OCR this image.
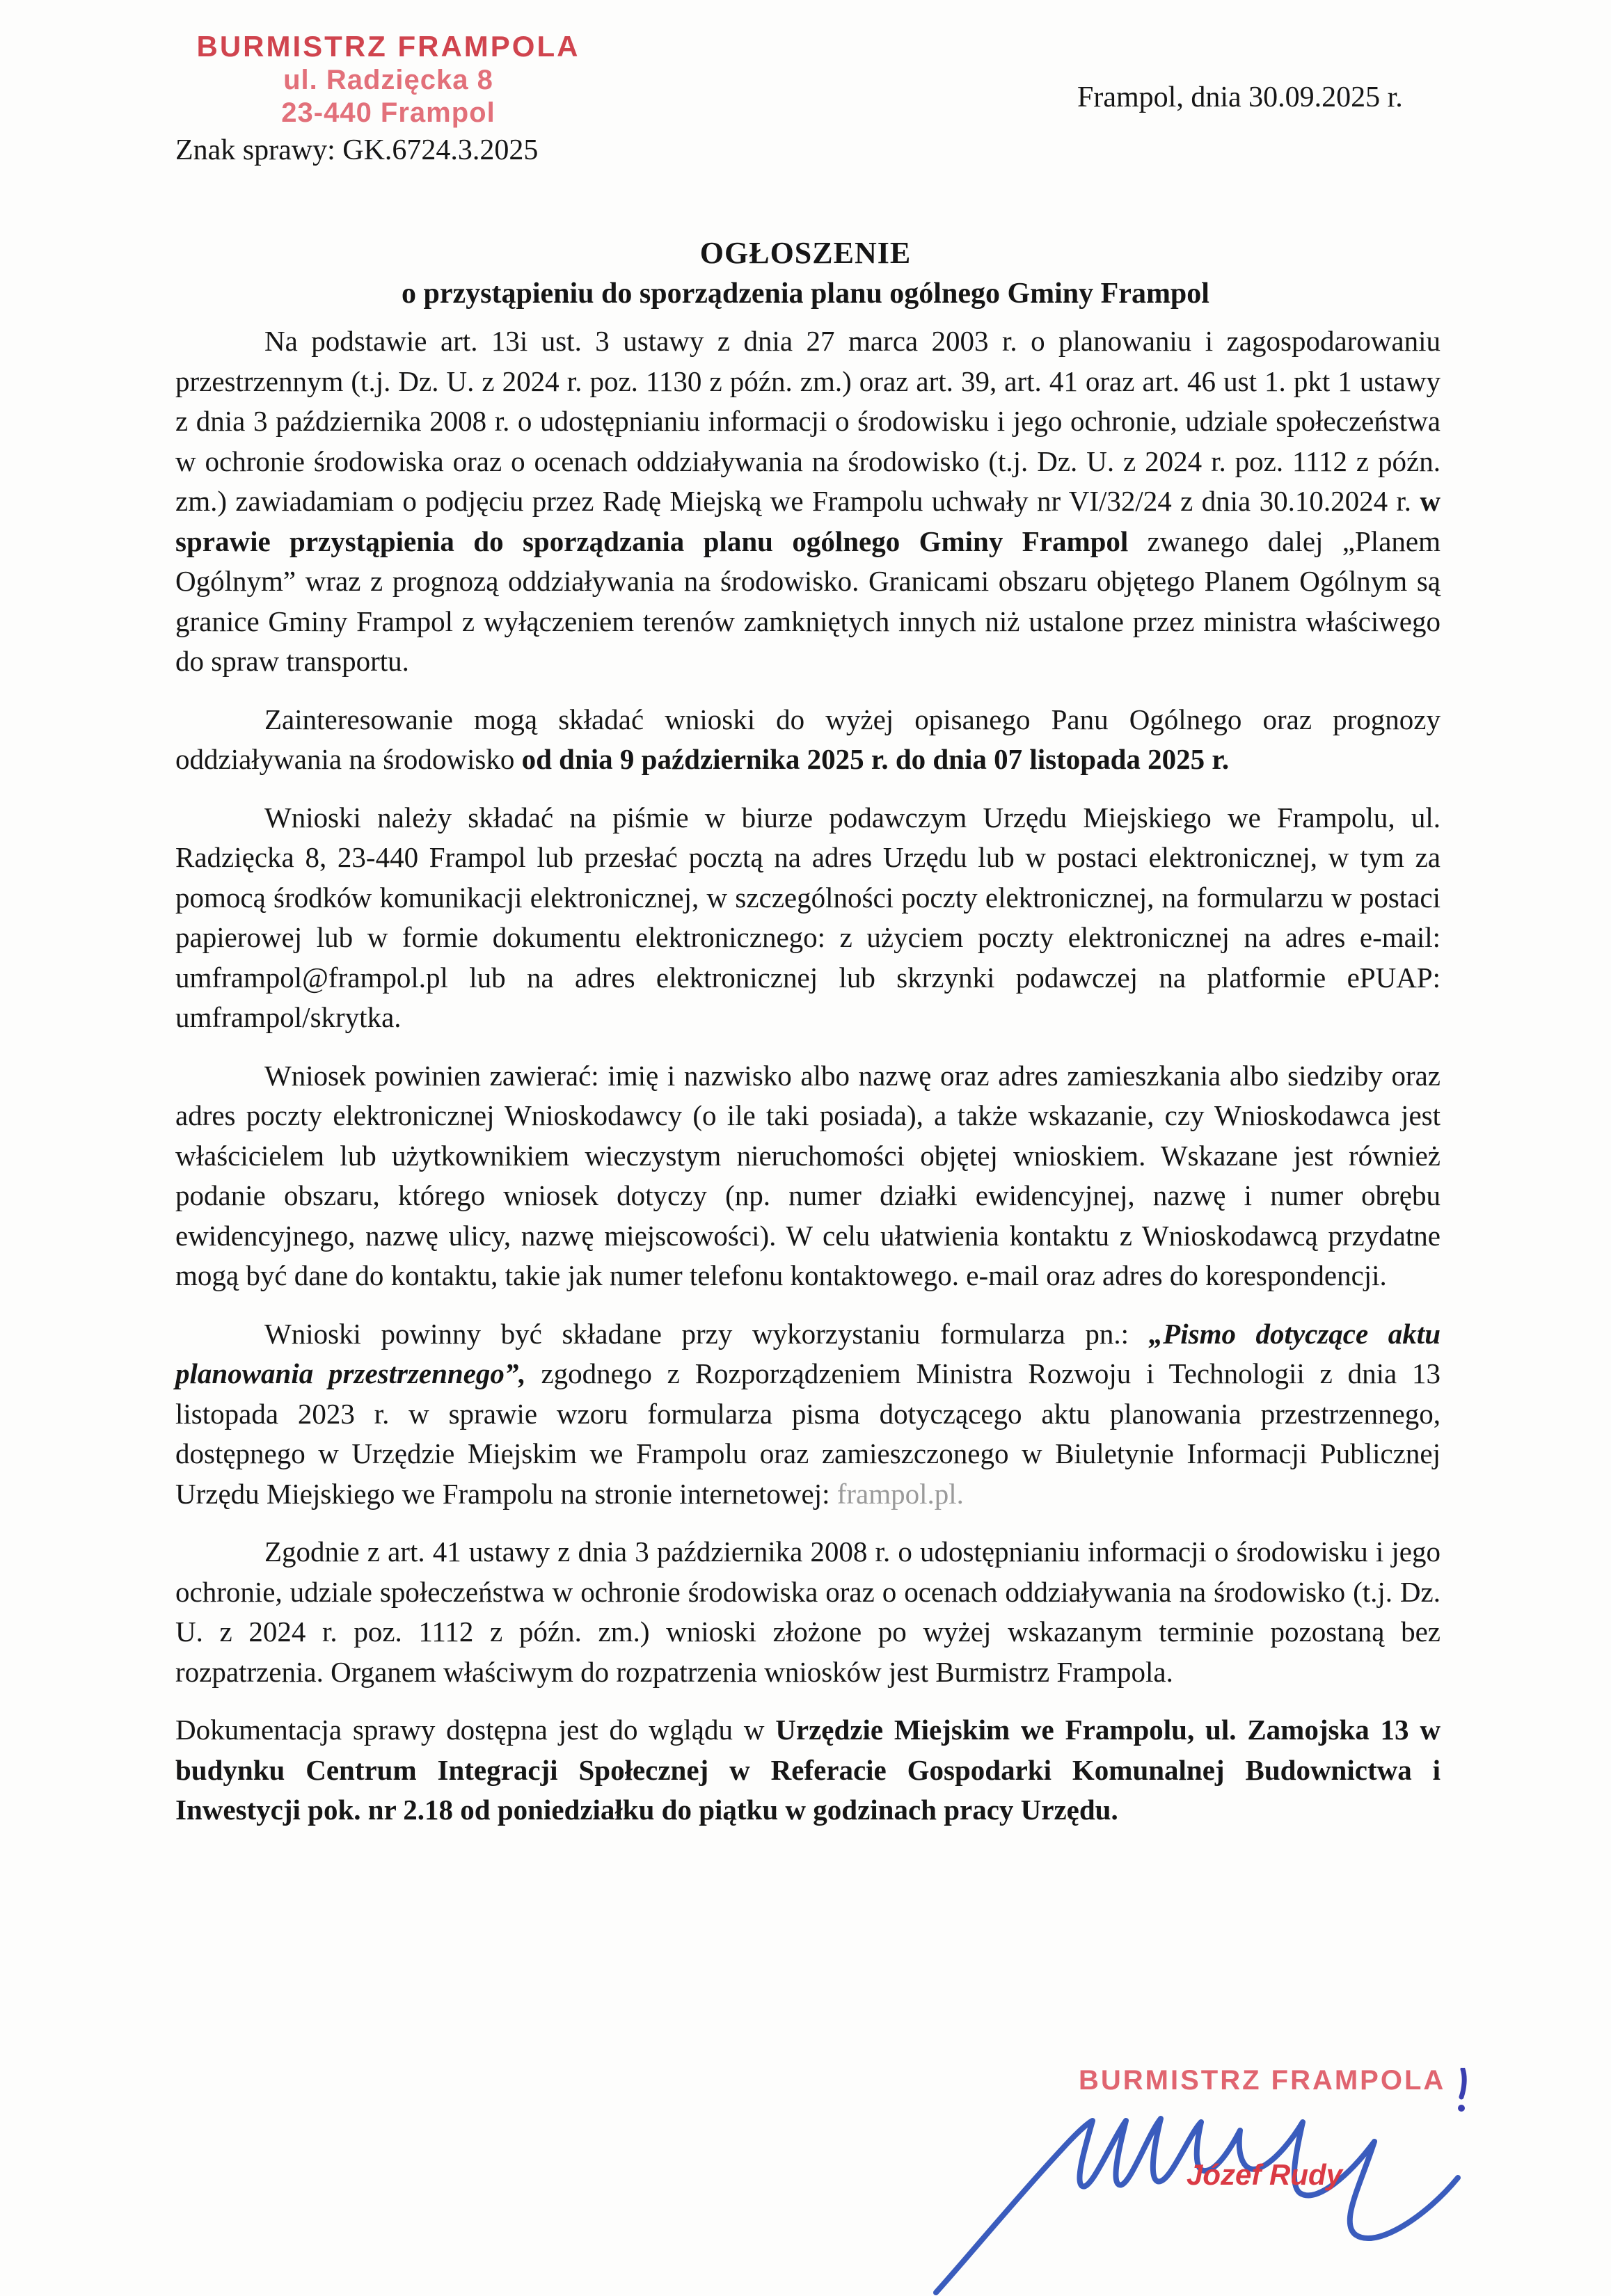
BURMISTRZ FRAMPOLA
ul. Radzięcka 8
23-440 Frampol
Znak sprawy: GK.6724.3.2025
Frampol, dnia 30.09.2025 r.
OGŁOSZENIE
o przystąpieniu do sporządzenia planu ogólnego Gminy Frampol

Na podstawie art. 13i ust. 3 ustawy z dnia 27 marca 2003 r. o planowaniu i zagospodarowaniu przestrzennym (t.j. Dz. U. z 2024 r. poz. 1130 z późn. zm.) oraz art. 39, art. 41 oraz art. 46 ust 1. pkt 1 ustawy z dnia 3 października 2008 r. o udostępnianiu informacji o środowisku i jego ochronie, udziale społeczeństwa w ochronie środowiska oraz o ocenach oddziaływania na środowisko (t.j. Dz. U. z 2024 r. poz. 1112 z późn. zm.) zawiadamiam o podjęciu przez Radę Miejską we Frampolu uchwały nr VI/32/24 z dnia 30.10.2024 r. w sprawie przystąpienia do sporządzania planu ogólnego Gminy Frampol zwanego dalej „Planem Ogólnym” wraz z prognozą oddziaływania na środowisko. Granicami obszaru objętego Planem Ogólnym są granice Gminy Frampol z wyłączeniem terenów zamkniętych innych niż ustalone przez ministra właściwego do spraw transportu.

Zainteresowanie mogą składać wnioski do wyżej opisanego Panu Ogólnego oraz prognozy oddziaływania na środowisko od dnia 9 października 2025 r. do dnia 07 listopada 2025 r.

Wnioski należy składać na piśmie w biurze podawczym Urzędu Miejskiego we Frampolu, ul. Radzięcka 8, 23-440 Frampol lub przesłać pocztą na adres Urzędu lub w postaci elektronicznej, w tym za pomocą środków komunikacji elektronicznej, w szczególności poczty elektronicznej, na formularzu w postaci papierowej lub w formie dokumentu elektronicznego: z użyciem poczty elektronicznej na adres e-mail: umframpol@frampol.pl lub na adres elektronicznej lub skrzynki podawczej na platformie ePUAP: umframpol/skrytka.

Wniosek powinien zawierać: imię i nazwisko albo nazwę oraz adres zamieszkania albo siedziby oraz adres poczty elektronicznej Wnioskodawcy (o ile taki posiada), a także wskazanie, czy Wnioskodawca jest właścicielem lub użytkownikiem wieczystym nieruchomości objętej wnioskiem. Wskazane jest również podanie obszaru, którego wniosek dotyczy (np. numer działki ewidencyjnej, nazwę i numer obrębu ewidencyjnego, nazwę ulicy, nazwę miejscowości). W celu ułatwienia kontaktu z Wnioskodawcą przydatne mogą być dane do kontaktu, takie jak numer telefonu kontaktowego. e-mail oraz adres do korespondencji.

Wnioski powinny być składane przy wykorzystaniu formularza pn.: „Pismo dotyczące aktu planowania przestrzennego”, zgodnego z Rozporządzeniem Ministra Rozwoju i Technologii z dnia 13 listopada 2023 r. w sprawie wzoru formularza pisma dotyczącego aktu planowania przestrzennego, dostępnego w Urzędzie Miejskim we Frampolu oraz zamieszczonego w Biuletynie Informacji Publicznej Urzędu Miejskiego we Frampolu na stronie internetowej: frampol.pl.

Zgodnie z art. 41 ustawy z dnia 3 października 2008 r. o udostępnianiu informacji o środowisku i jego ochronie, udziale społeczeństwa w ochronie środowiska oraz o ocenach oddziaływania na środowisko (t.j. Dz. U. z 2024 r. poz. 1112 z późn. zm.) wnioski złożone po wyżej wskazanym terminie pozostaną bez rozpatrzenia. Organem właściwym do rozpatrzenia wniosków jest Burmistrz Frampola.

Dokumentacja sprawy dostępna jest do wglądu w Urzędzie Miejskim we Frampolu, ul. Zamojska 13 w budynku Centrum Integracji Społecznej w Referacie Gospodarki Komunalnej Budownictwa i Inwestycji pok. nr 2.18 od poniedziałku do piątku w godzinach pracy Urzędu.

BURMISTRZ FRAMPOLA
Józef Rudy
